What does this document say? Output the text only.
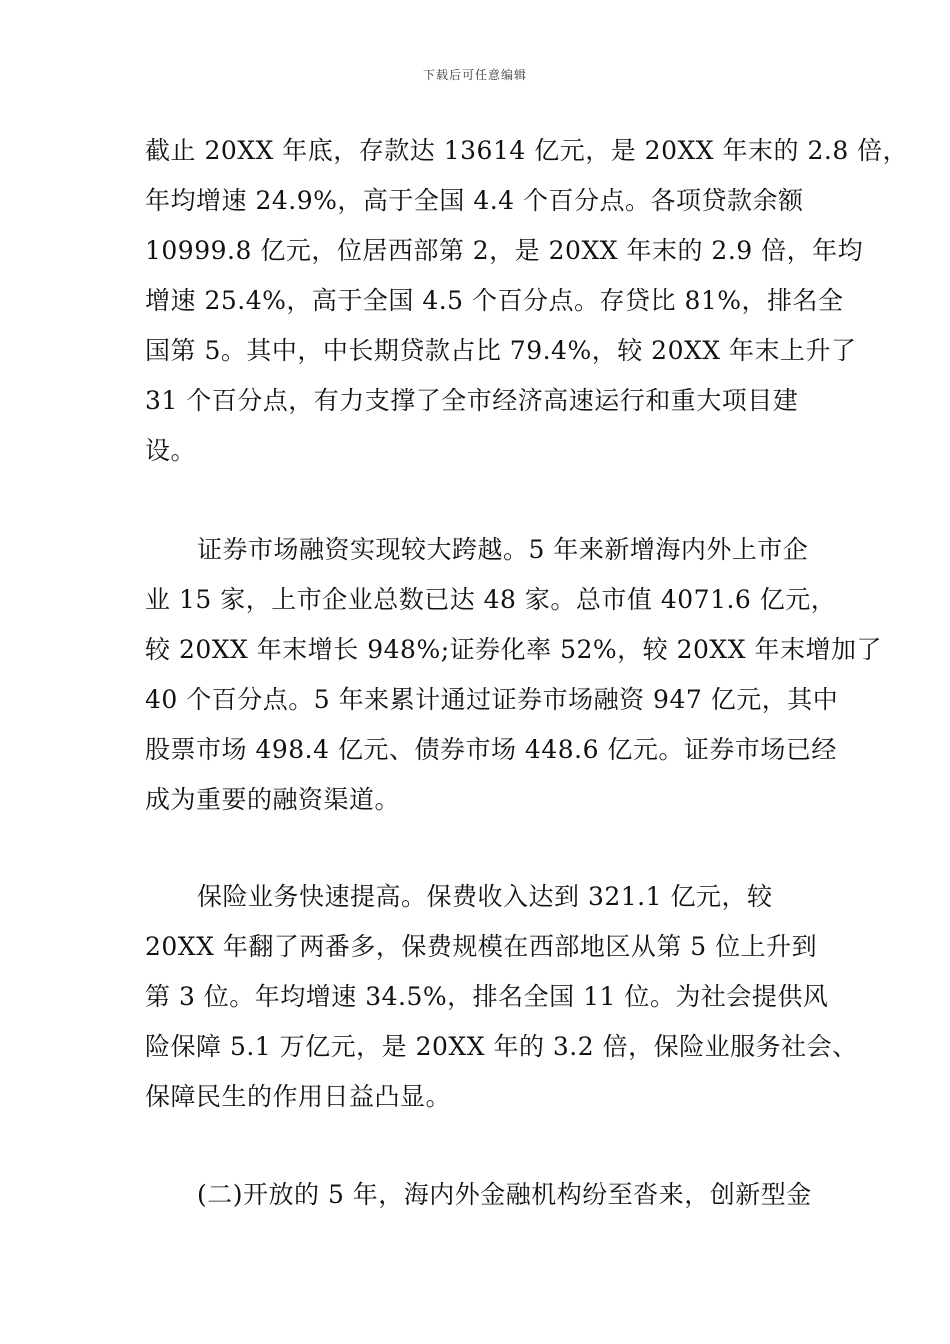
下载后可任意编辑
截止 20XX 年底，存款达 13614 亿元，是 20XX 年末的 2.8 倍，
年均增速 24.9%，高于全国 4.4 个百分点。各项贷款余额
10999.8 亿元，位居西部第 2，是 20XX 年末的 2.9 倍，年均
增速 25.4%，高于全国 4.5 个百分点。存贷比 81%，排名全
国第 5。其中，中长期贷款占比 79.4%，较 20XX 年末上升了
31 个百分点，有力支撑了全市经济高速运行和重大项目建
设。
证券市场融资实现较大跨越。5 年来新增海内外上市企
业 15 家，上市企业总数已达 48 家。总市值 4071.6 亿元，
较 20XX 年末增长 948%;证券化率 52%，较 20XX 年末增加了
40 个百分点。5 年来累计通过证券市场融资 947 亿元，其中
股票市场 498.4 亿元、债券市场 448.6 亿元。证券市场已经
成为重要的融资渠道。
保险业务快速提高。保费收入达到 321.1 亿元，较
20XX 年翻了两番多，保费规模在西部地区从第 5 位上升到
第 3 位。年均增速 34.5%，排名全国 11 位。为社会提供风
险保障 5.1 万亿元，是 20XX 年的 3.2 倍，保险业服务社会、
保障民生的作用日益凸显。
(二)开放的 5 年，海内外金融机构纷至沓来，创新型金
